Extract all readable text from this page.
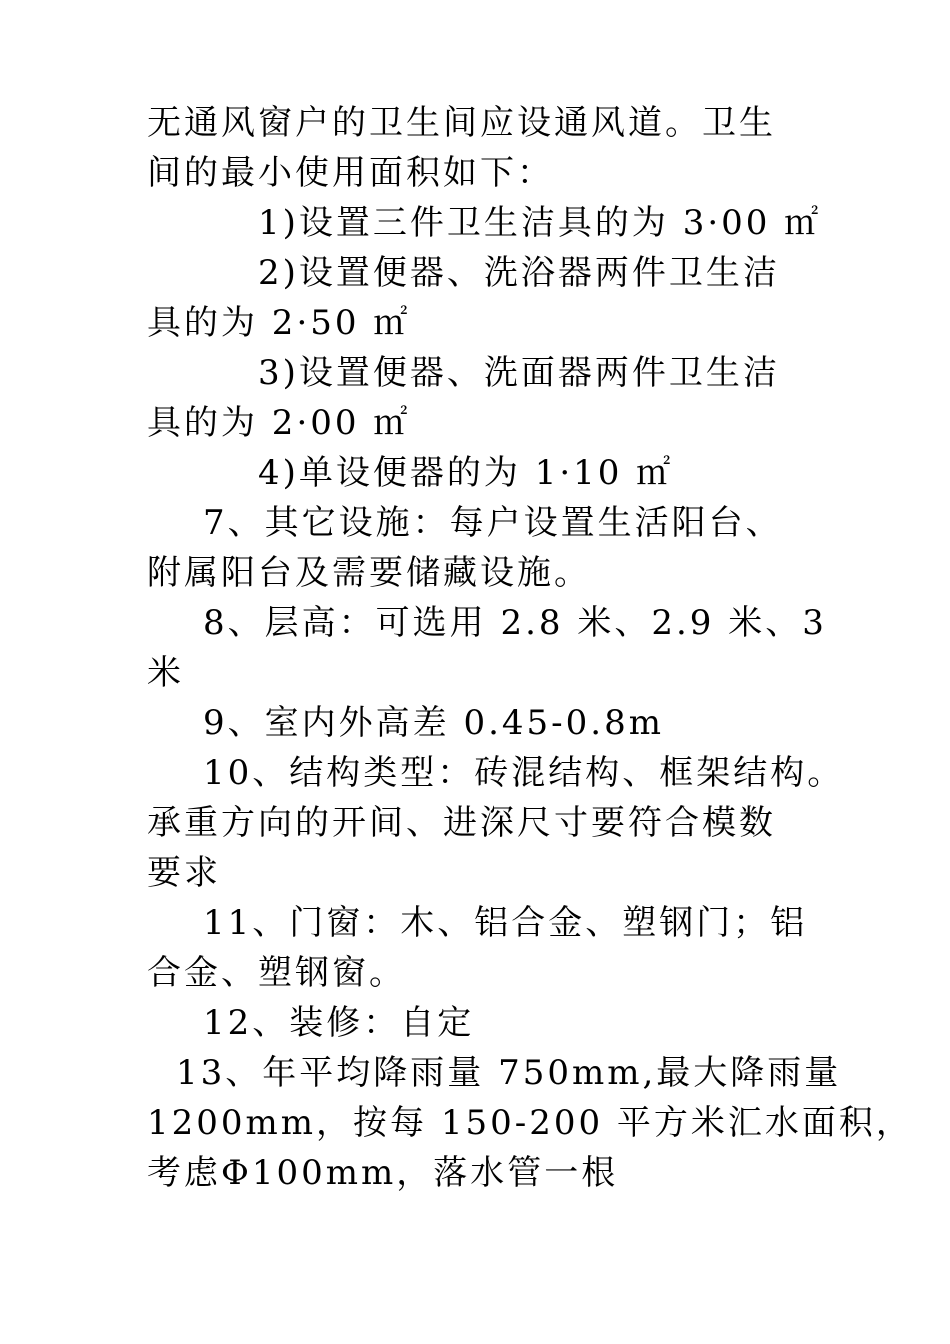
无通风窗户的卫生间应设通风道。卫生
间的最小使用面积如下：
1)设置三件卫生洁具的为 3·00 ㎡
2)设置便器、洗浴器两件卫生洁
具的为 2·50 ㎡
3)设置便器、洗面器两件卫生洁
具的为 2·00 ㎡
4)单设便器的为 1·10 ㎡
7、其它设施：每户设置生活阳台、
附属阳台及需要储藏设施。
8、层高：可选用 2.8 米、2.9 米、3
米
9、室内外高差 0.45-0.8m
10、结构类型：砖混结构、框架结构。
承重方向的开间、进深尺寸要符合模数
要求
11、门窗：木、铝合金、塑钢门；铝
合金、塑钢窗。
12、装修：自定
13、年平均降雨量 750mm,最大降雨量
1200mm，按每 150-200 平方米汇水面积，
考虑Φ100mm，落水管一根
